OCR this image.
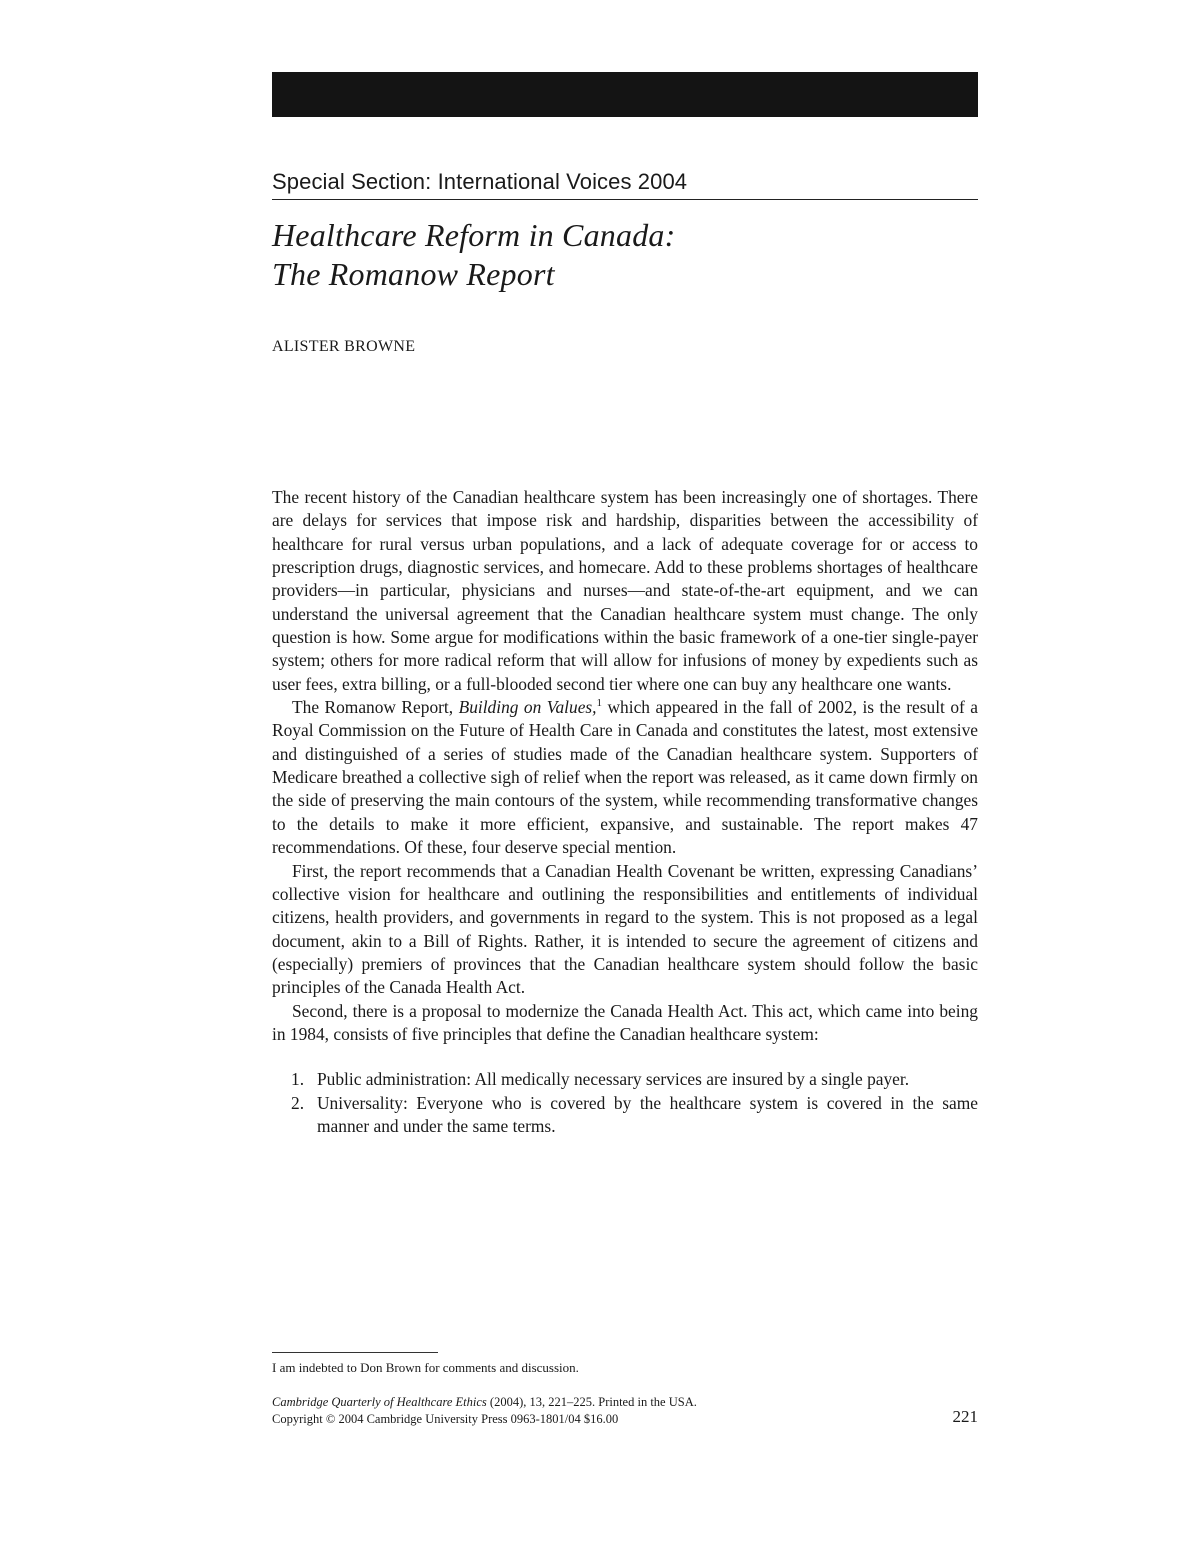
Special Section: International Voices 2004
Healthcare Reform in Canada:
The Romanow Report
ALISTER BROWNE

The recent history of the Canadian healthcare system has been increasingly one of shortages. There are delays for services that impose risk and hardship, disparities between the accessibility of healthcare for rural versus urban populations, and a lack of adequate coverage for or access to prescription drugs, diagnostic services, and homecare. Add to these problems shortages of healthcare providers—in particular, physicians and nurses—and state-of-the-art equipment, and we can understand the universal agreement that the Canadian healthcare system must change. The only question is how. Some argue for modifications within the basic framework of a one-tier single-payer system; others for more radical reform that will allow for infusions of money by expedients such as user fees, extra billing, or a full-blooded second tier where one can buy any healthcare one wants.

The Romanow Report, Building on Values,$^1$ which appeared in the fall of 2002, is the result of a Royal Commission on the Future of Health Care in Canada and constitutes the latest, most extensive and distinguished of a series of studies made of the Canadian healthcare system. Supporters of Medicare breathed a collective sigh of relief when the report was released, as it came down firmly on the side of preserving the main contours of the system, while recommending transformative changes to the details to make it more efficient, expansive, and sustainable. The report makes 47 recommendations. Of these, four deserve special mention.

First, the report recommends that a Canadian Health Covenant be written, expressing Canadians’ collective vision for healthcare and outlining the responsibilities and entitlements of individual citizens, health providers, and governments in regard to the system. This is not proposed as a legal document, akin to a Bill of Rights. Rather, it is intended to secure the agreement of citizens and (especially) premiers of provinces that the Canadian healthcare system should follow the basic principles of the Canada Health Act.

Second, there is a proposal to modernize the Canada Health Act. This act, which came into being in 1984, consists of five principles that define the Canadian healthcare system:

1. Public administration: All medically necessary services are insured by a single payer.
2. Universality: Everyone who is covered by the healthcare system is covered in the same manner and under the same terms.
I am indebted to Don Brown for comments and discussion.
Cambridge Quarterly of Healthcare Ethics (2004), 13, 221–225. Printed in the USA.
Copyright © 2004 Cambridge University Press 0963-1801/04 $16.00	221
